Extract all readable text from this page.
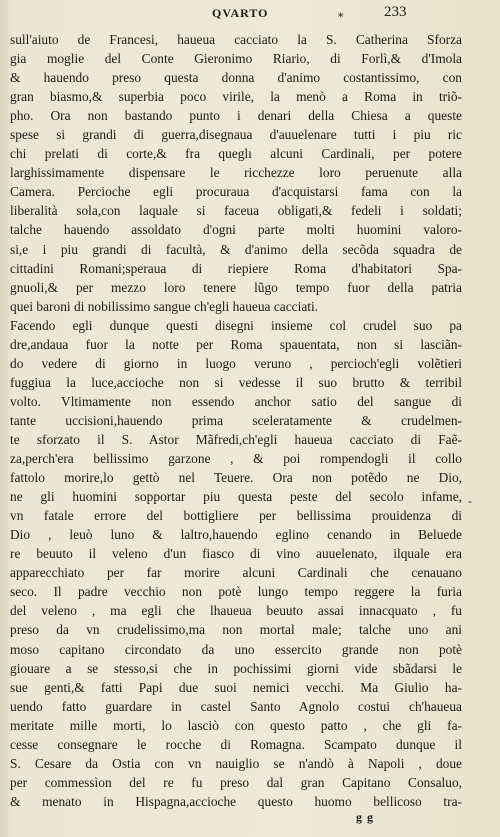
QVARTO	⁎	233
sull'aiuto de Francesi, haueua cacciato la S. Catherina Sforza
gia moglie del Conte Gieronimo Riario, di Forlì,& d'Imola
& hauendo preso questa donna d'animo costantissimo, con
gran biasmo,& superbia poco virile, la menò a Roma in triõ-
pho. Ora non bastando punto i denari della Chiesa a queste
spese si grandi di guerra,disegnaua d'auuelenare tutti i piu ric
chi prelati di corte,& fra queglı alcuni Cardinali, per potere
larghissimamente dispensare le ricchezze loro peruenute alla
Camera. Percioche egli procuraua d'acquistarsi fama con la
liberalità sola,con laquale si faceua obligati,& fedeli i soldati;
talche hauendo assoldato d'ogni parte molti huomini valoro-
si,e i piu grandi di facultà, & d'animo della secõda squadra de
cittadini Romani;speraua di riepiere Roma d'habitatori Spa-
gnuoli,& per mezzo loro tenere lũgo tempo fuor della patria
quei baroni di nobilissimo sangue ch'egli haueua cacciati.
Facendo egli dunque questi disegni insieme col crudel suo pa
dre,andaua fuor la notte per Roma spauentata, non si lasciãn-
do vedere di giorno in luogo veruno , percioch'egli volẽtieri
fuggiua la luce,accioche non si vedesse il suo brutto & terribil
volto. Vltimamente non essendo anchor satio del sangue di
tante uccisioni,hauendo prima sceleratamente & crudelmen-
te sforzato il S. Astor Mãfredi,ch'egli haueua cacciato di Faẽ-
za,perch'era bellissimo garzone , & poi rompendogli il collo
fattolo morire,lo gettò nel Teuere. Ora non potẽdo ne Dio,
ne gli huomini sopportar piu questa peste del secolo infame,
vn fatale errore del bottigliere per bellissima prouidenza di
Dio , leuò luno & laltro,hauendo eglino cenando in Beluede
re beuuto il veleno d'un fiasco di vino auuelenato, ilquale era
apparecchiato per far morire alcuni Cardinali che cenauano
seco. Il padre vecchio non potè lungo tempo reggere la furia
del veleno , ma egli che lhaueua beuuto assai innacquato , fu
preso da vn crudelissimo,ma non mortal male; talche uno ani
moso capitano circondato da uno essercito grande non potè
giouare a se stesso,si che in pochissimi giorni vide sbãdarsi le
sue genti,& fatti Papi due suoi nemici vecchi. Ma Giulio ha-
uendo fatto guardare in castel Santo Agnolo costui ch'haueua
meritate mille morti, lo lasciò con questo patto , che gli fa-
cesse consegnare le rocche di Romagna. Scampato dunque il
S. Cesare da Ostia con vn nauiglio se n'andò à Napoli , doue
per commessìon del re fu preso dal gran Capitano Consaluo,
& menato in Hispagna,accioche questo huomo bellicoso tra-
-
g g
